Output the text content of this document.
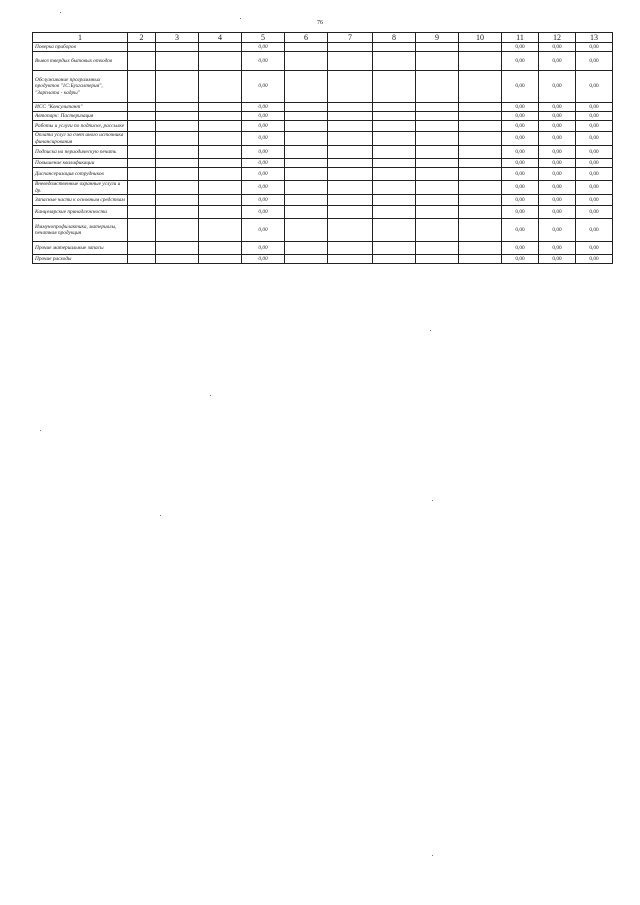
76
1	2	3	4	5	6	7	8	9	10	11	12	13
Поверка приборов				0,00						0,00	0,00	0,00
Вывоз твердых бытовых отходов				0,00						0,00	0,00	0,00
Обслуживание программных продуктов "1С:Бухгалтерия", "Зарплата - кадры"				0,00						0,00	0,00	0,00
ИСС "Консультант"				0,00						0,00	0,00	0,00
Автопарк: Пастеризация				0,00						0,00	0,00	0,00
Работы и услуги по подписке, рассылке				0,00						0,00	0,00	0,00
Оплата услуг за счет иного источника финансирования				0,00						0,00	0,00	0,00
Подписка на периодическую печать				0,00						0,00	0,00	0,00
Повышение квалификации				0,00						0,00	0,00	0,00
Диспансеризация сотрудников				0,00						0,00	0,00	0,00
Вневедомственные охранные услуги и др.				0,00						0,00	0,00	0,00
Запасные части к основным средствам				0,00						0,00	0,00	0,00
Канцелярские принадлежности				0,00						0,00	0,00	0,00
Иммунопрофилактика, материалы, печатная продукция				0,00						0,00	0,00	0,00
Прочие материальные запасы				0,00						0,00	0,00	0,00
Прочие расходы				0,00						0,00	0,00	0,00
